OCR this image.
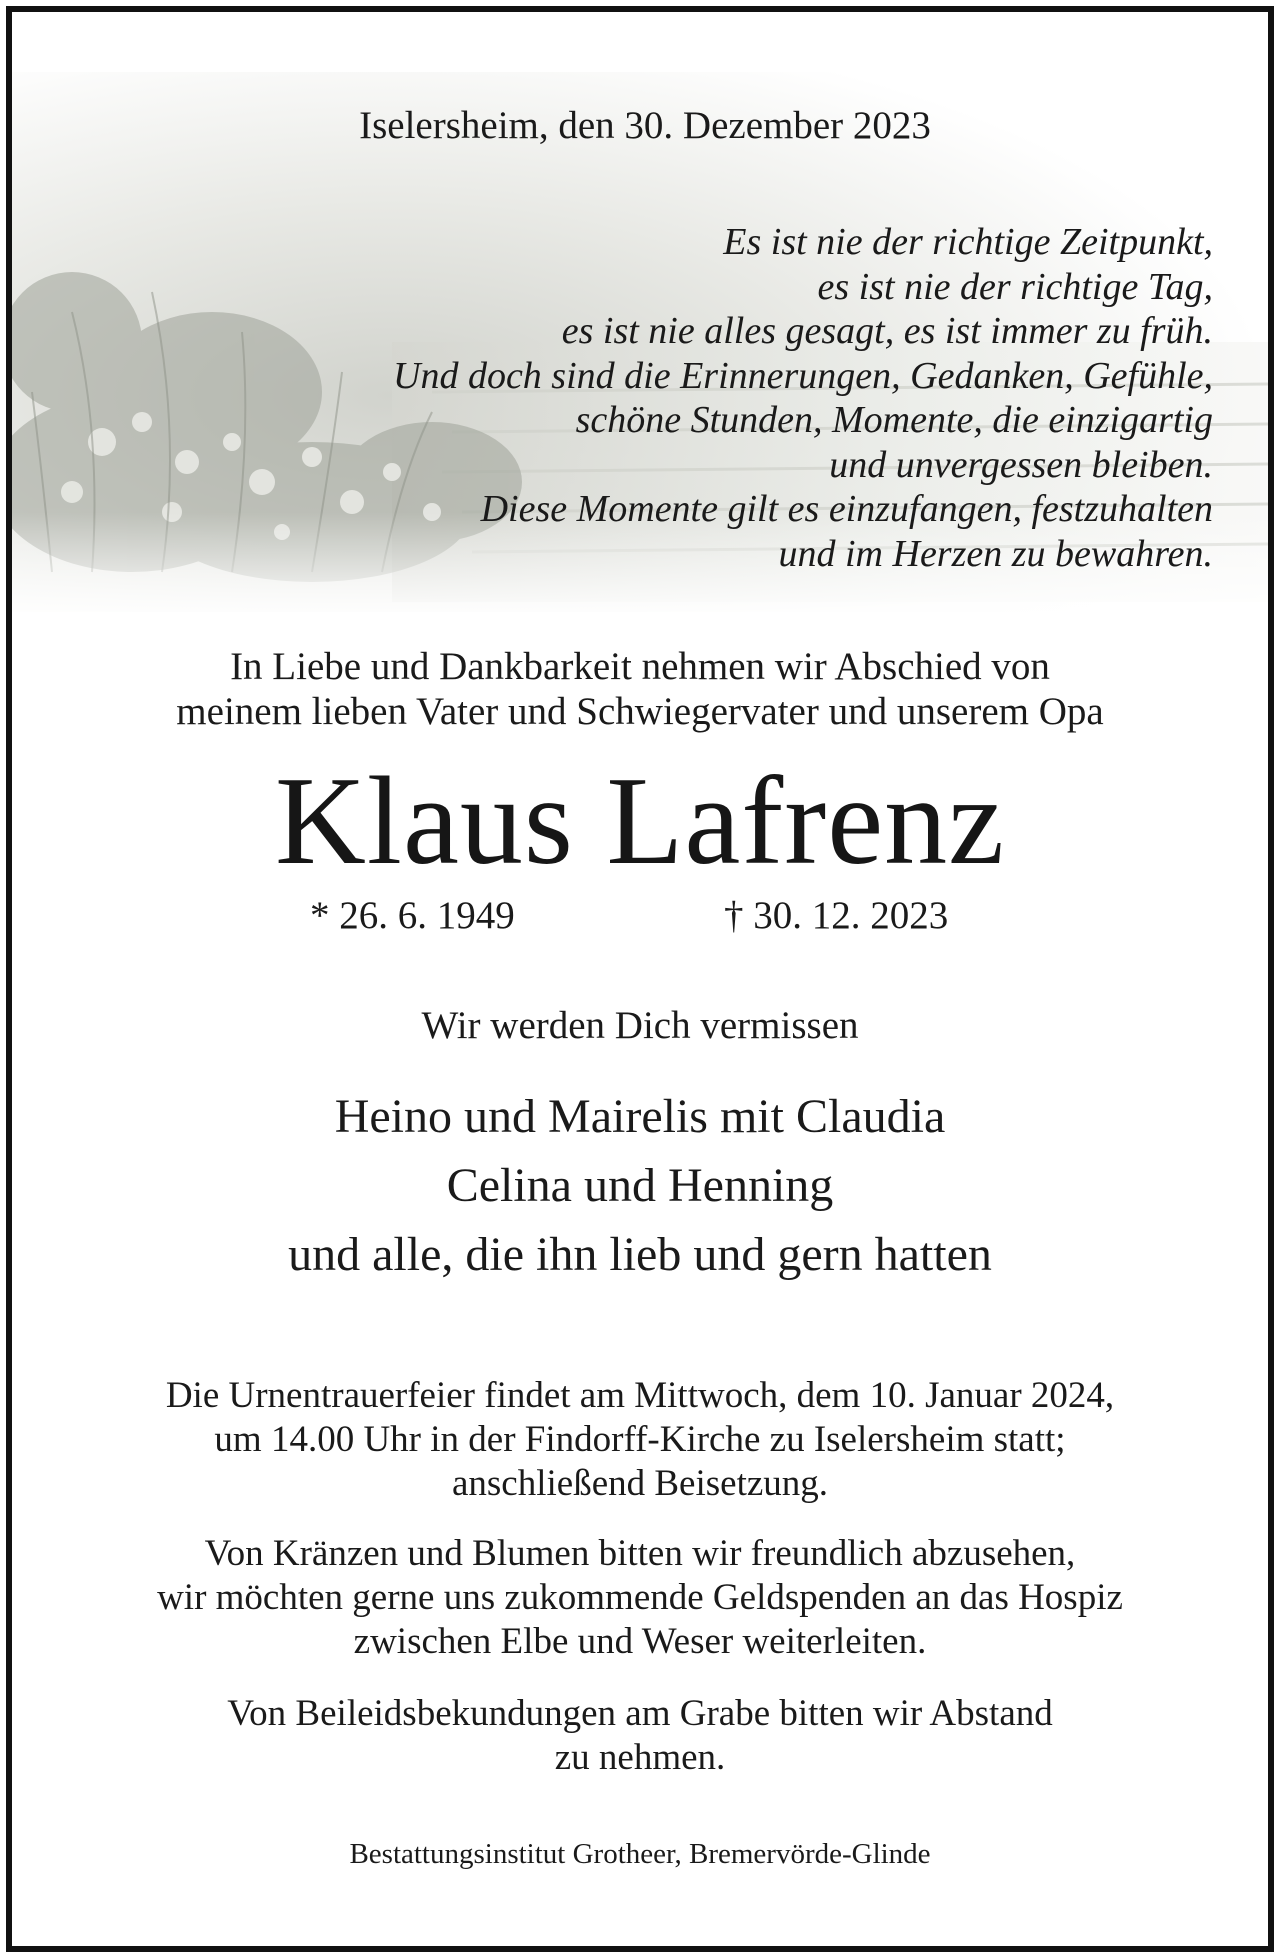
Iselersheim, den 30. Dezember 2023
Es ist nie der richtige Zeitpunkt,
es ist nie der richtige Tag,
es ist nie alles gesagt, es ist immer zu früh.
Und doch sind die Erinnerungen, Gedanken, Gefühle,
schöne Stunden, Momente, die einzigartig
und unvergessen bleiben.
Diese Momente gilt es einzufangen, festzuhalten
und im Herzen zu bewahren.
In Liebe und Dankbarkeit nehmen wir Abschied von
meinem lieben Vater und Schwiegervater und unserem Opa
Klaus Lafrenz
* 26. 6. 1949	† 30. 12. 2023
Wir werden Dich vermissen
Heino und Mairelis mit Claudia
Celina und Henning
und alle, die ihn lieb und gern hatten
Die Urnentrauerfeier findet am Mittwoch, dem 10. Januar 2024,
um 14.00 Uhr in der Findorff-Kirche zu Iselersheim statt;
anschließend Beisetzung.
Von Kränzen und Blumen bitten wir freundlich abzusehen,
wir möchten gerne uns zukommende Geldspenden an das Hospiz
zwischen Elbe und Weser weiterleiten.
Von Beileidsbekundungen am Grabe bitten wir Abstand
zu nehmen.
Bestattungsinstitut Grotheer, Bremervörde-Glinde
